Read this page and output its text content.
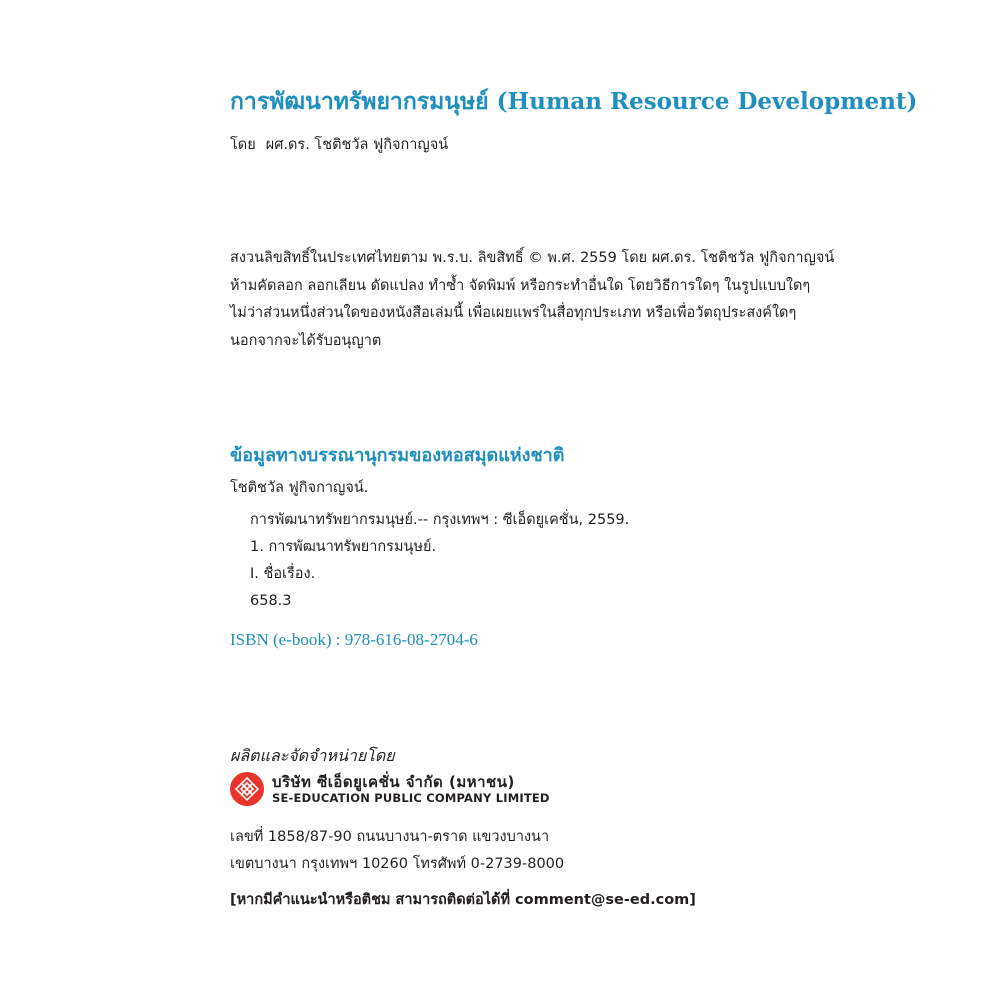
การพัฒนาทรัพยากรมนุษย์ (Human Resource Development)
โดย ผศ.ดร. โชติชวัล ฟูกิจกาญจน์
สงวนลิขสิทธิ์ในประเทศไทยตาม พ.ร.บ. ลิขสิทธิ์ © พ.ศ. 2559 โดย ผศ.ดร. โชติชวัล ฟูกิจกาญจน์
ห้ามคัดลอก ลอกเลียน ดัดแปลง ทำซ้ำ จัดพิมพ์ หรือกระทำอื่นใด โดยวิธีการใดๆ ในรูปแบบใดๆ
ไม่ว่าส่วนหนึ่งส่วนใดของหนังสือเล่มนี้ เพื่อเผยแพร่ในสื่อทุกประเภท หรือเพื่อวัตถุประสงค์ใดๆ
นอกจากจะได้รับอนุญาต
ข้อมูลทางบรรณานุกรมของหอสมุดแห่งชาติ
โชติชวัล ฟูกิจกาญจน์.
การพัฒนาทรัพยากรมนุษย์.-- กรุงเทพฯ : ซีเอ็ดยูเคชั่น, 2559.
1. การพัฒนาทรัพยากรมนุษย์.
I. ชื่อเรื่อง.
658.3
ISBN (e-book) : 978-616-08-2704-6
ผลิตและจัดจำหน่ายโดย
บริษัท ซีเอ็ดยูเคชั่น จำกัด (มหาชน)
SE-EDUCATION PUBLIC COMPANY LIMITED
เลขที่ 1858/87-90 ถนนบางนา-ตราด แขวงบางนา
เขตบางนา กรุงเทพฯ 10260 โทรศัพท์ 0-2739-8000
[หากมีคำแนะนำหรือติชม สามารถติดต่อได้ที่ comment@se-ed.com]
